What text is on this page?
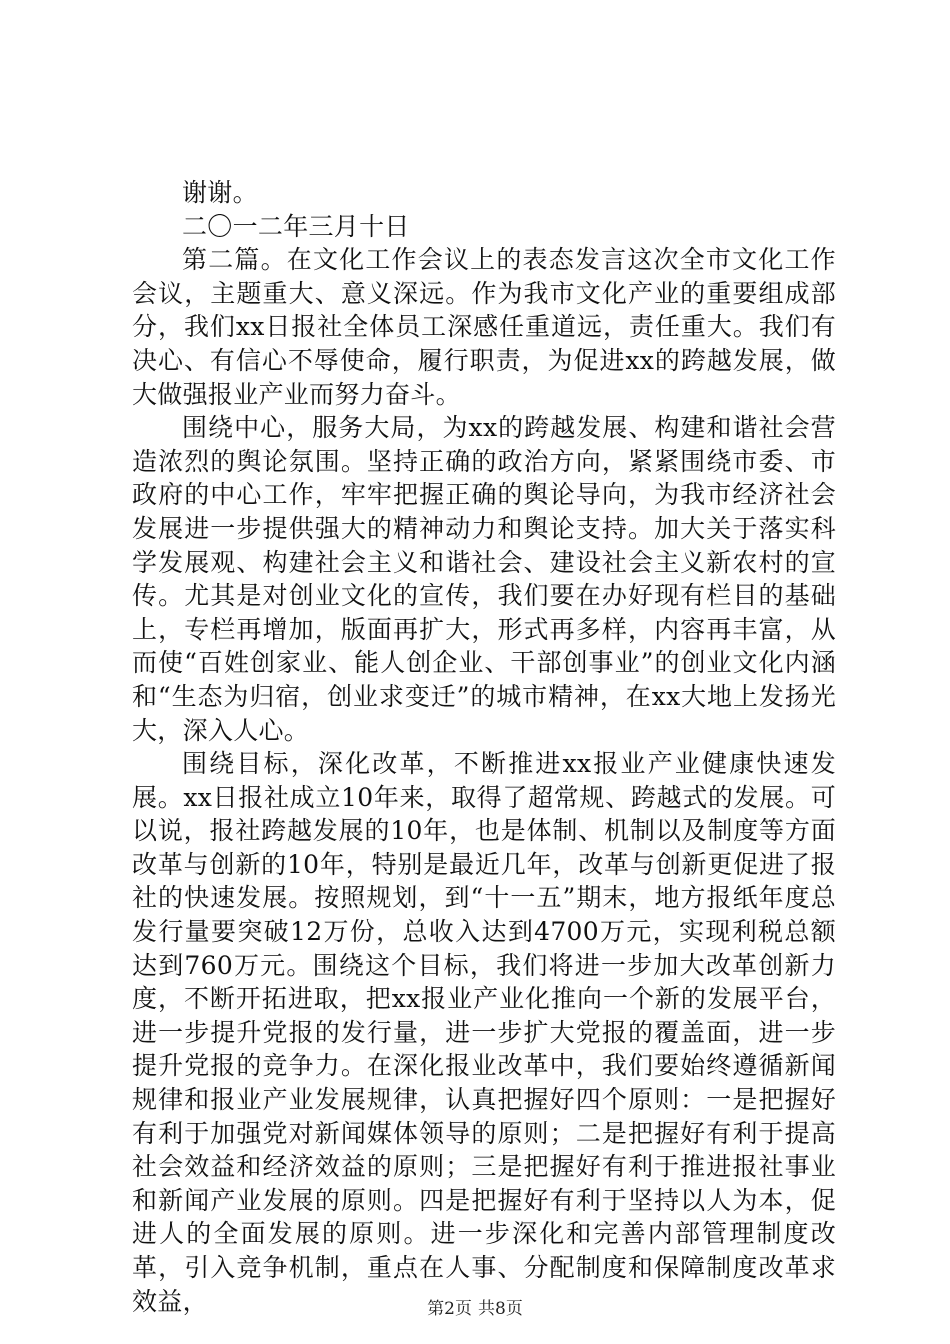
谢谢。

二〇一二年三月十日

第二篇。在文化工作会议上的表态发言这次全市文化工作会议，主题重大、意义深远。作为我市文化产业的重要组成部分，我们xx日报社全体员工深感任重道远，责任重大。我们有决心、有信心不辱使命，履行职责，为促进xx的跨越发展，做大做强报业产业而努力奋斗。

围绕中心，服务大局，为xx的跨越发展、构建和谐社会营造浓烈的舆论氛围。坚持正确的政治方向，紧紧围绕市委、市政府的中心工作，牢牢把握正确的舆论导向，为我市经济社会发展进一步提供强大的精神动力和舆论支持。加大关于落实科学发展观、构建社会主义和谐社会、建设社会主义新农村的宣传。尤其是对创业文化的宣传，我们要在办好现有栏目的基础上，专栏再增加，版面再扩大，形式再多样，内容再丰富，从而使“百姓创家业、能人创企业、干部创事业”的创业文化内涵和“生态为归宿，创业求变迁”的城市精神，在xx大地上发扬光大，深入人心。

围绕目标，深化改革，不断推进xx报业产业健康快速发展。xx日报社成立10年来，取得了超常规、跨越式的发展。可以说，报社跨越发展的10年，也是体制、机制以及制度等方面改革与创新的10年，特别是最近几年，改革与创新更促进了报社的快速发展。按照规划，到“十一五”期末，地方报纸年度总发行量要突破12万份，总收入达到4700万元，实现利税总额达到760万元。围绕这个目标，我们将进一步加大改革创新力度，不断开拓进取，把xx报业产业化推向一个新的发展平台，进一步提升党报的发行量，进一步扩大党报的覆盖面，进一步提升党报的竞争力。在深化报业改革中，我们要始终遵循新闻规律和报业产业发展规律，认真把握好四个原则：一是把握好有利于加强党对新闻媒体领导的原则；二是把握好有利于提高社会效益和经济效益的原则；三是把握好有利于推进报社事业和新闻产业发展的原则。四是把握好有利于坚持以人为本，促进人的全面发展的原则。进一步深化和完善内部管理制度改革，引入竞争机制，重点在人事、分配制度和保障制度改革求效益，	第2页 共8页
